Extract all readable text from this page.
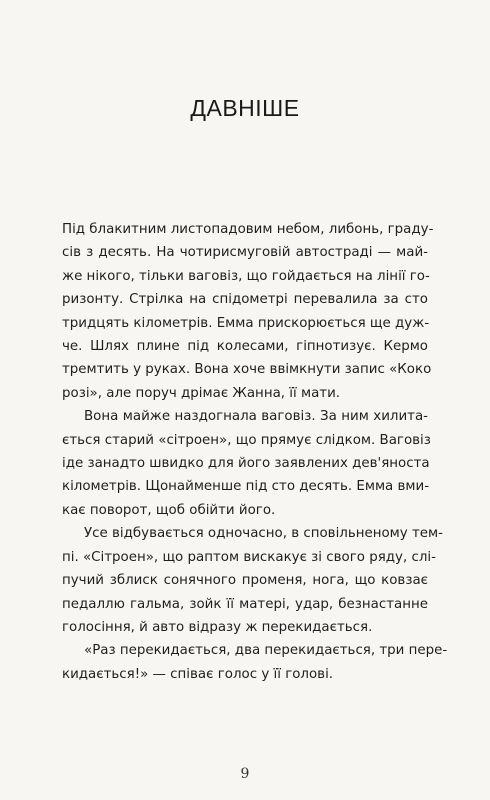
ДАВНІШЕ

Під блакитним листопадовим небом, либонь, граду-
сів з десять. На чотирисмуговій автостраді — май-
же нікого, тільки ваговіз, що гойдається на лінії го-
ризонту. Стрілка на спідометрі перевалила за сто
тридцять кілометрів. Емма прискорюється ще дуж-
че. Шлях плине під колесами, гіпнотизує. Кермо
тремтить у руках. Вона хоче ввімкнути запис «Коко
розі», але поруч дрімає Жанна, її мати.

Вона майже наздогнала ваговіз. За ним хилита-
ється старий «сітроен», що прямує слідком. Ваговіз
іде занадто швидко для його заявлених дев'яноста
кілометрів. Щонайменше під сто десять. Емма вми-
кає поворот, щоб обійти його.

Усе відбувається одночасно, в сповільненому тем-
пі. «Сітроен», що раптом вискакує зі свого ряду, слі-
пучий зблиск сонячного променя, нога, що ковзає
педаллю гальма, зойк її матері, удар, безнастанне
голосіння, й авто відразу ж перекидається.

«Раз перекидається, два перекидається, три пере-
кидається!» — співає голос у її голові.

9
